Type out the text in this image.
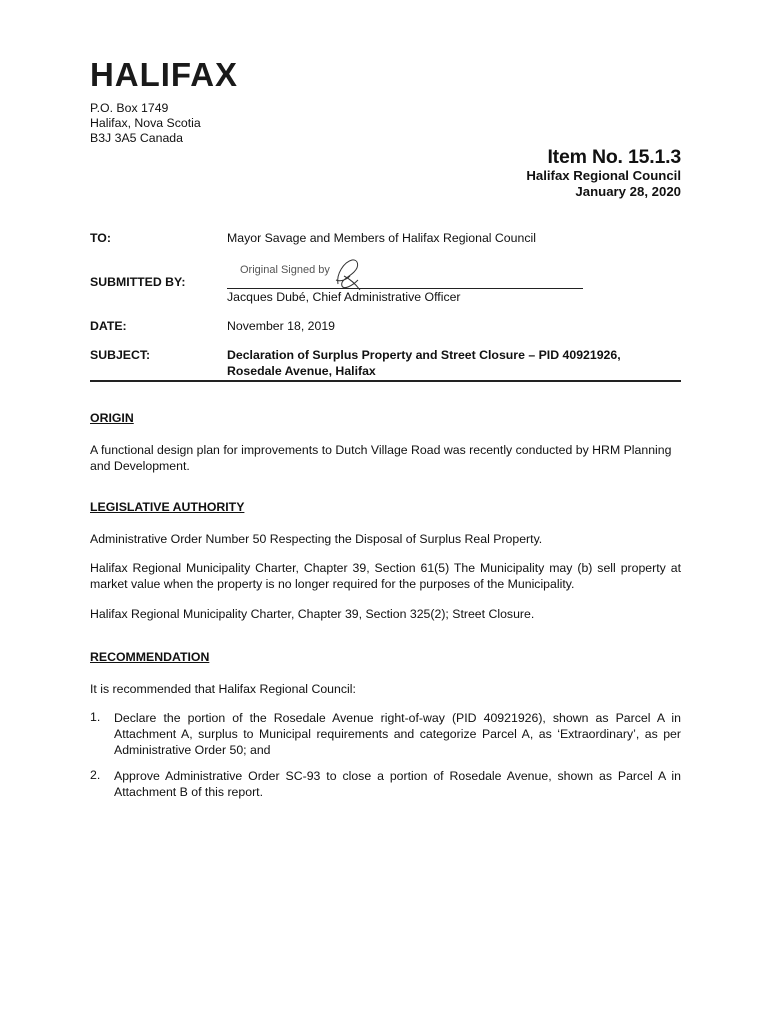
HALIFAX
P.O. Box 1749
Halifax, Nova Scotia
B3J 3A5 Canada
Item No. 15.1.3
Halifax Regional Council
January 28, 2020
TO:	Mayor Savage and Members of Halifax Regional Council
SUBMITTED BY:
Original Signed by
Jacques Dubé, Chief Administrative Officer
DATE:	November 18, 2019
SUBJECT:	Declaration of Surplus Property and Street Closure – PID 40921926,
Rosedale Avenue, Halifax
ORIGIN
A functional design plan for improvements to Dutch Village Road was recently conducted by HRM Planning and Development.
LEGISLATIVE AUTHORITY
Administrative Order Number 50 Respecting the Disposal of Surplus Real Property.
Halifax Regional Municipality Charter, Chapter 39, Section 61(5) The Municipality may (b) sell property at market value when the property is no longer required for the purposes of the Municipality.
Halifax Regional Municipality Charter, Chapter 39, Section 325(2); Street Closure.
RECOMMENDATION
It is recommended that Halifax Regional Council:
1. Declare the portion of the Rosedale Avenue right-of-way (PID 40921926), shown as Parcel A in Attachment A, surplus to Municipal requirements and categorize Parcel A, as ‘Extraordinary’, as per Administrative Order 50; and
2. Approve Administrative Order SC-93 to close a portion of Rosedale Avenue, shown as Parcel A in Attachment B of this report.
